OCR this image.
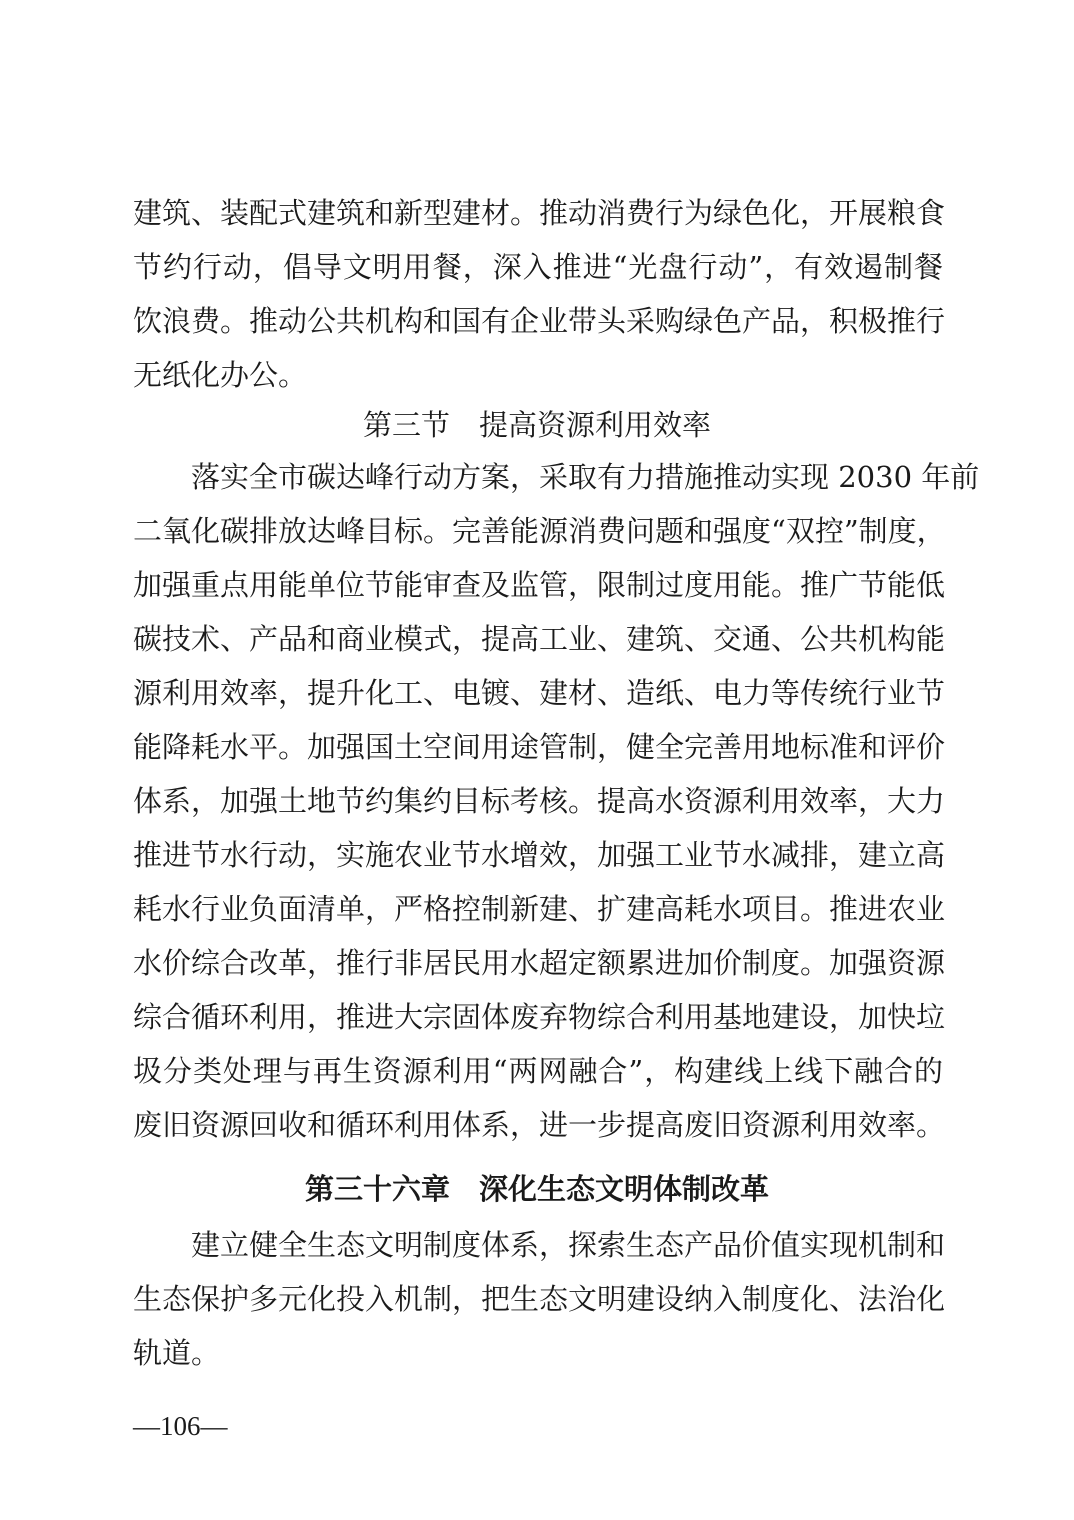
建筑、装配式建筑和新型建材。推动消费行为绿色化，开展粮食
节约行动，倡导文明用餐，深入推进“光盘行动”，有效遏制餐
饮浪费。推动公共机构和国有企业带头采购绿色产品，积极推行
无纸化办公。
第三节　提高资源利用效率
落实全市碳达峰行动方案，采取有力措施推动实现 2030 年前
二氧化碳排放达峰目标。完善能源消费问题和强度“双控”制度，
加强重点用能单位节能审查及监管，限制过度用能。推广节能低
碳技术、产品和商业模式，提高工业、建筑、交通、公共机构能
源利用效率，提升化工、电镀、建材、造纸、电力等传统行业节
能降耗水平。加强国土空间用途管制，健全完善用地标准和评价
体系，加强土地节约集约目标考核。提高水资源利用效率，大力
推进节水行动，实施农业节水增效，加强工业节水减排，建立高
耗水行业负面清单，严格控制新建、扩建高耗水项目。推进农业
水价综合改革，推行非居民用水超定额累进加价制度。加强资源
综合循环利用，推进大宗固体废弃物综合利用基地建设，加快垃
圾分类处理与再生资源利用“两网融合”，构建线上线下融合的
废旧资源回收和循环利用体系，进一步提高废旧资源利用效率。
第三十六章　深化生态文明体制改革
建立健全生态文明制度体系，探索生态产品价值实现机制和
生态保护多元化投入机制，把生态文明建设纳入制度化、法治化
轨道。
—106—
